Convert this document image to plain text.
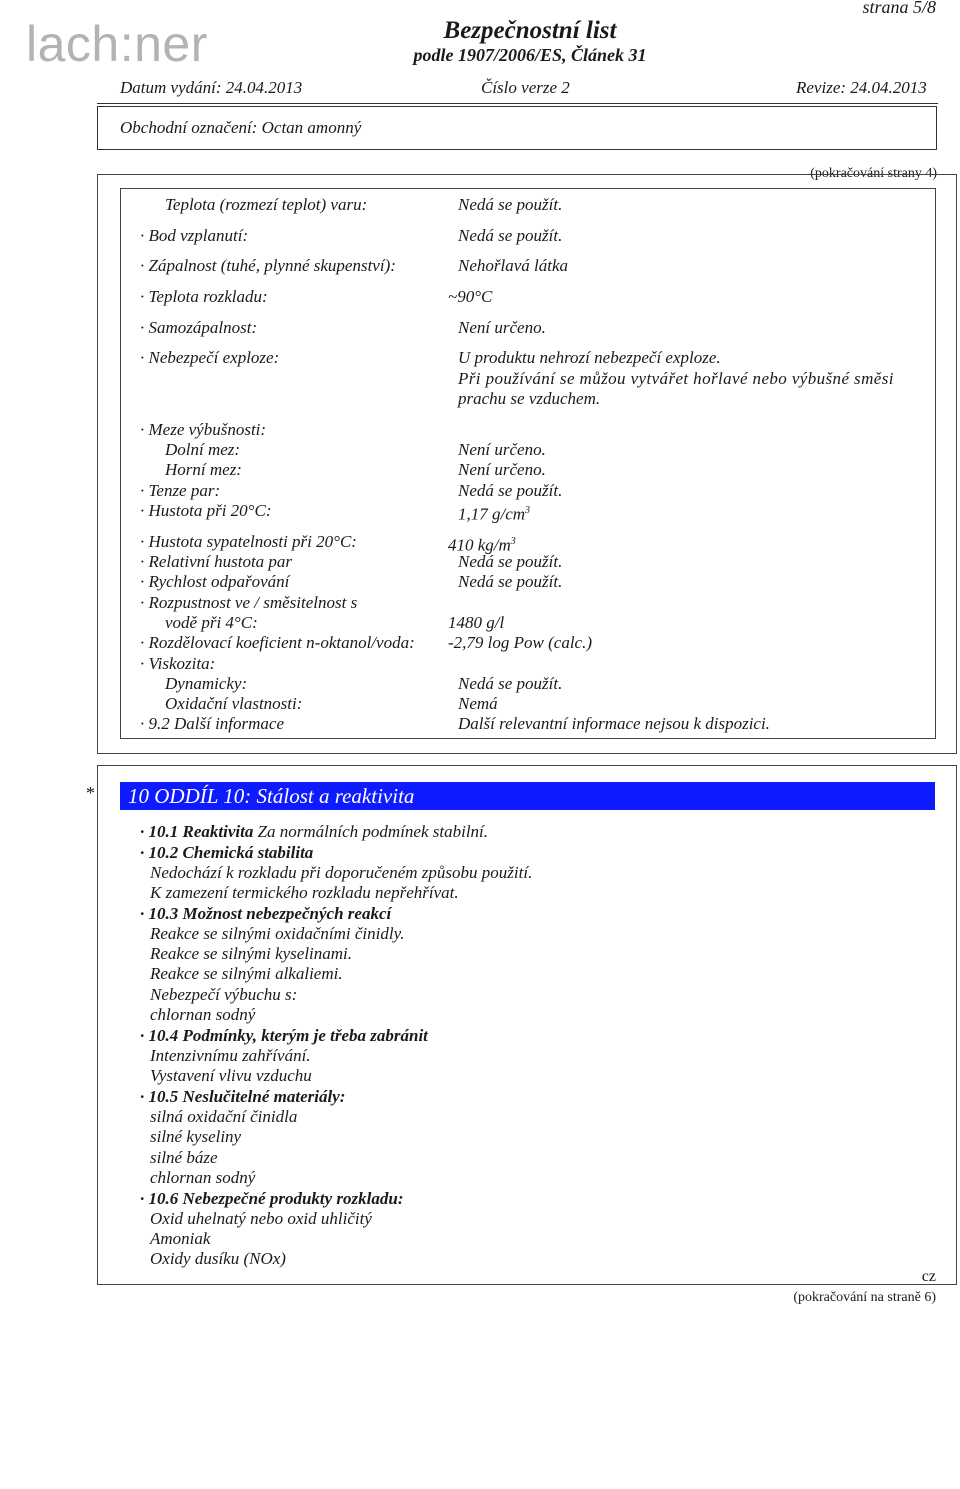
lach:ner
strana 5/8
Bezpečnostní list
podle 1907/2006/ES, Článek 31
Datum vydání: 24.04.2013	Číslo verze 2	Revize: 24.04.2013
Obchodní označení: Octan amonný
(pokračování strany 4)
Teplota (rozmezí teplot) varu:	Nedá se použít.
· Bod vzplanutí:	Nedá se použít.
· Zápalnost (tuhé, plynné skupenství):	Nehořlavá látka
· Teplota rozkladu:	~90°C
· Samozápalnost:	Není určeno.
· Nebezpečí exploze:	U produktu nehrozí nebezpečí exploze.
Při používání se můžou vytvářet hořlavé nebo výbušné směsi
prachu se vzduchem.
· Meze výbušnosti:
Dolní mez:	Není určeno.
Horní mez:	Není určeno.
· Tenze par:	Nedá se použít.
· Hustota při 20°C:	1,17 $g/cm^3$
· Hustota sypatelnosti při 20°C:	410 $kg/m^3$
· Relativní hustota par	Nedá se použít.
· Rychlost odpařování	Nedá se použít.
· Rozpustnost ve / směsitelnost s
vodě při 4°C:	1480 g/l
· Rozdělovací koeficient n-oktanol/voda: -2,79 log Pow (calc.)
· Viskozita:
Dynamicky:	Nedá se použít.
Oxidační vlastnosti:	Nemá
· 9.2 Další informace	Další relevantní informace nejsou k dispozici.
*	10 ODDÍL 10: Stálost a reaktivita
· 10.1 Reaktivita Za normálních podmínek stabilní.
· 10.2 Chemická stabilita
Nedochází k rozkladu při doporučeném způsobu použití.
K zamezení termického rozkladu nepřehřívat.
· 10.3 Možnost nebezpečných reakcí
Reakce se silnými oxidačními činidly.
Reakce se silnými kyselinami.
Reakce se silnými alkaliemi.
Nebezpečí výbuchu s:
chlornan sodný
· 10.4 Podmínky, kterým je třeba zabránit
Intenzivnímu zahřívání.
Vystavení vlivu vzduchu
· 10.5 Neslučitelné materiály:
silná oxidační činidla
silné kyseliny
silné báze
chlornan sodný
· 10.6 Nebezpečné produkty rozkladu:
Oxid uhelnatý nebo oxid uhličitý
Amoniak
Oxidy dusíku (NOx)
cz
(pokračování na straně 6)
